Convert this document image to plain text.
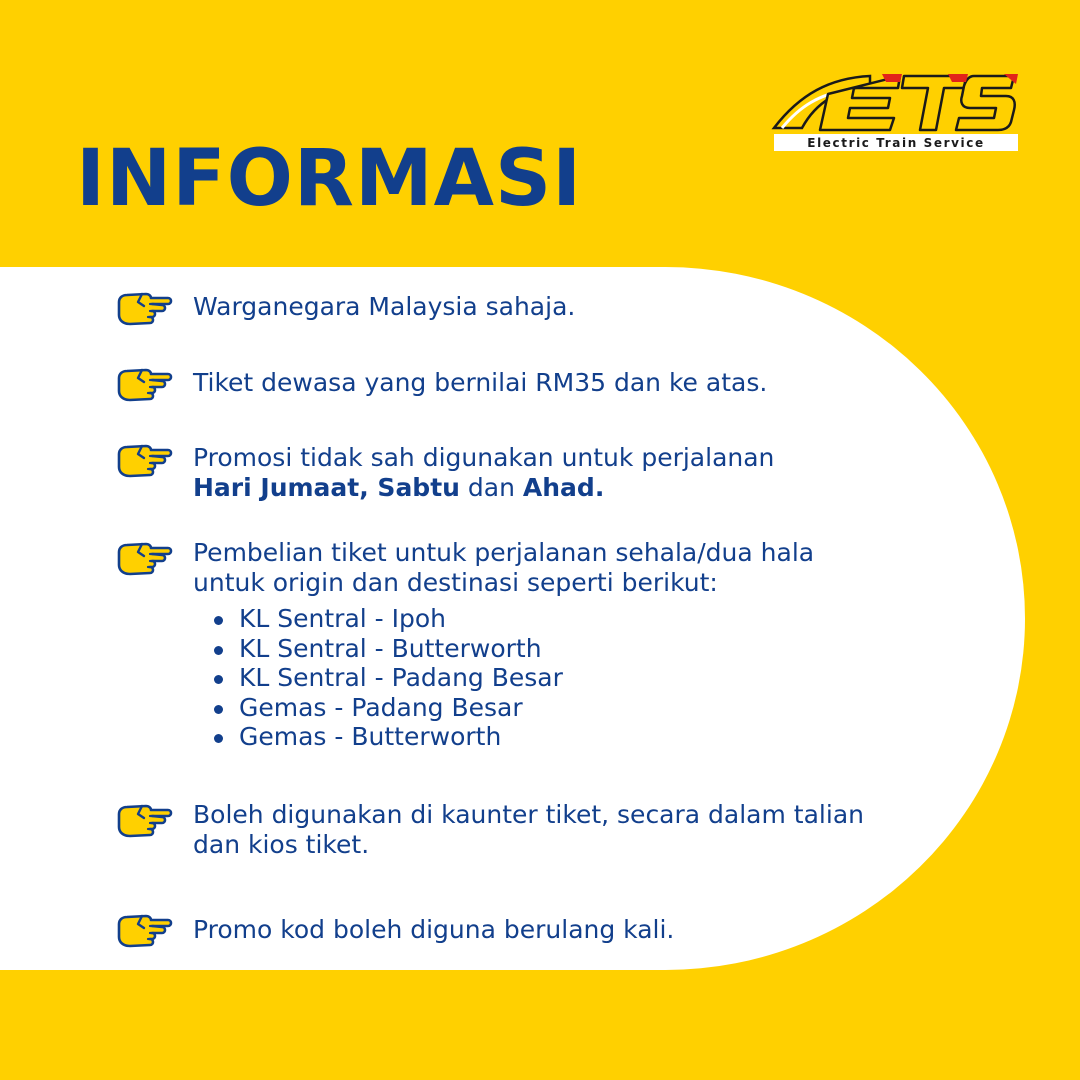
Electric Train Service
INFORMASI
Warganegara Malaysia sahaja.
Tiket dewasa yang bernilai RM35 dan ke atas.
Promosi tidak sah digunakan untuk perjalanan
Hari Jumaat, Sabtu dan Ahad.
Pembelian tiket untuk perjalanan sehala/dua hala
untuk origin dan destinasi seperti berikut:
KL Sentral - Ipoh
KL Sentral - Butterworth
KL Sentral - Padang Besar
Gemas - Padang Besar
Gemas - Butterworth
Boleh digunakan di kaunter tiket, secara dalam talian
dan kios tiket.
Promo kod boleh diguna berulang kali.
